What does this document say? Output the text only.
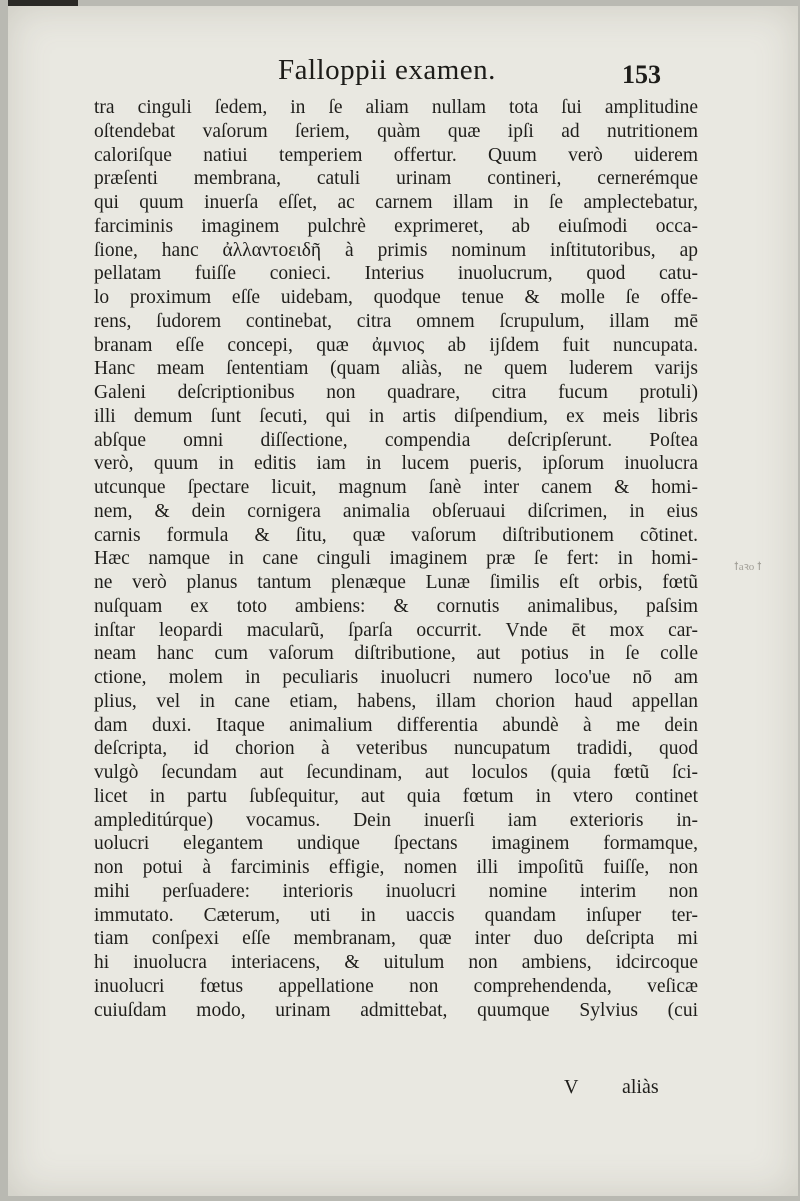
Falloppii examen.	153
tra cinguli ſedem, in ſe aliam nullam tota ſui amplitudine
oſtendebat vaſorum ſeriem, quàm quæ ipſi ad nutritionem
caloriſque natiui temperiem offertur. Quum verò uiderem
præſenti membrana, catuli urinam contineri, cernerémque
qui quum inuerſa eſſet, ac carnem illam in ſe amplectebatur,
farciminis imaginem pulchrè exprimeret, ab eiuſmodi occa-
ſione, hanc ἀλλαντοειδῆ à primis nominum inſtitutoribus, ap
pellatam fuiſſe conieci. Interius inuolucrum, quod catu-
lo proximum eſſe uidebam, quodque tenue & molle ſe offe-
rens, ſudorem continebat, citra omnem ſcrupulum, illam mē
branam eſſe concepi, quæ ἀμνιος ab ijſdem fuit nuncupata.
Hanc meam ſententiam (quam aliàs, ne quem luderem varijs
Galeni deſcriptionibus non quadrare, citra fucum protuli)
illi demum ſunt ſecuti, qui in artis diſpendium, ex meis libris
abſque omni diſſectione, compendia deſcripſerunt. Poſtea
verò, quum in editis iam in lucem pueris, ipſorum inuolucra
utcunque ſpectare licuit, magnum ſanè inter canem & homi-
nem, & dein cornigera animalia obſeruaui diſcrimen, in eius
carnis formula & ſitu, quæ vaſorum diſtributionem cõtinet.
Hæc namque in cane cinguli imaginem præ ſe fert: in homi-
ne verò planus tantum plenæque Lunæ ſimilis eſt orbis, fœtũ
nuſquam ex toto ambiens: & cornutis animalibus, paſsim
inſtar leopardi macularũ, ſparſa occurrit. Vnde ēt mox car-
neam hanc cum vaſorum diſtributione, aut potius in ſe colle
ctione, molem in peculiaris inuolucri numero loco'ue nō am
plius, vel in cane etiam, habens, illam chorion haud appellan
dam duxi. Itaque animalium differentia abundè à me dein
deſcripta, id chorion à veteribus nuncupatum tradidi, quod
vulgò ſecundam aut ſecundinam, aut loculos (quia fœtũ ſci-
licet in partu ſubſequitur, aut quia fœtum in vtero continet
ampleditúrque) vocamus. Dein inuerſi iam exterioris in-
uolucri elegantem undique ſpectans imaginem formamque,
non potui à farciminis effigie, nomen illi impoſitũ fuiſſe, non
mihi perſuadere: interioris inuolucri nomine interim non
immutato. Cæterum, uti in uaccis quandam inſuper ter-
tiam conſpexi eſſe membranam, quæ inter duo deſcripta mi
hi inuolucra interiacens, & uitulum non ambiens, idcircoque
inuolucri fœtus appellatione non comprehendenda, veſicæ
cuiuſdam modo, urinam admittebat, quumque Sylvius (cui
V aliàs
ꝉaꝛo ꝉ
